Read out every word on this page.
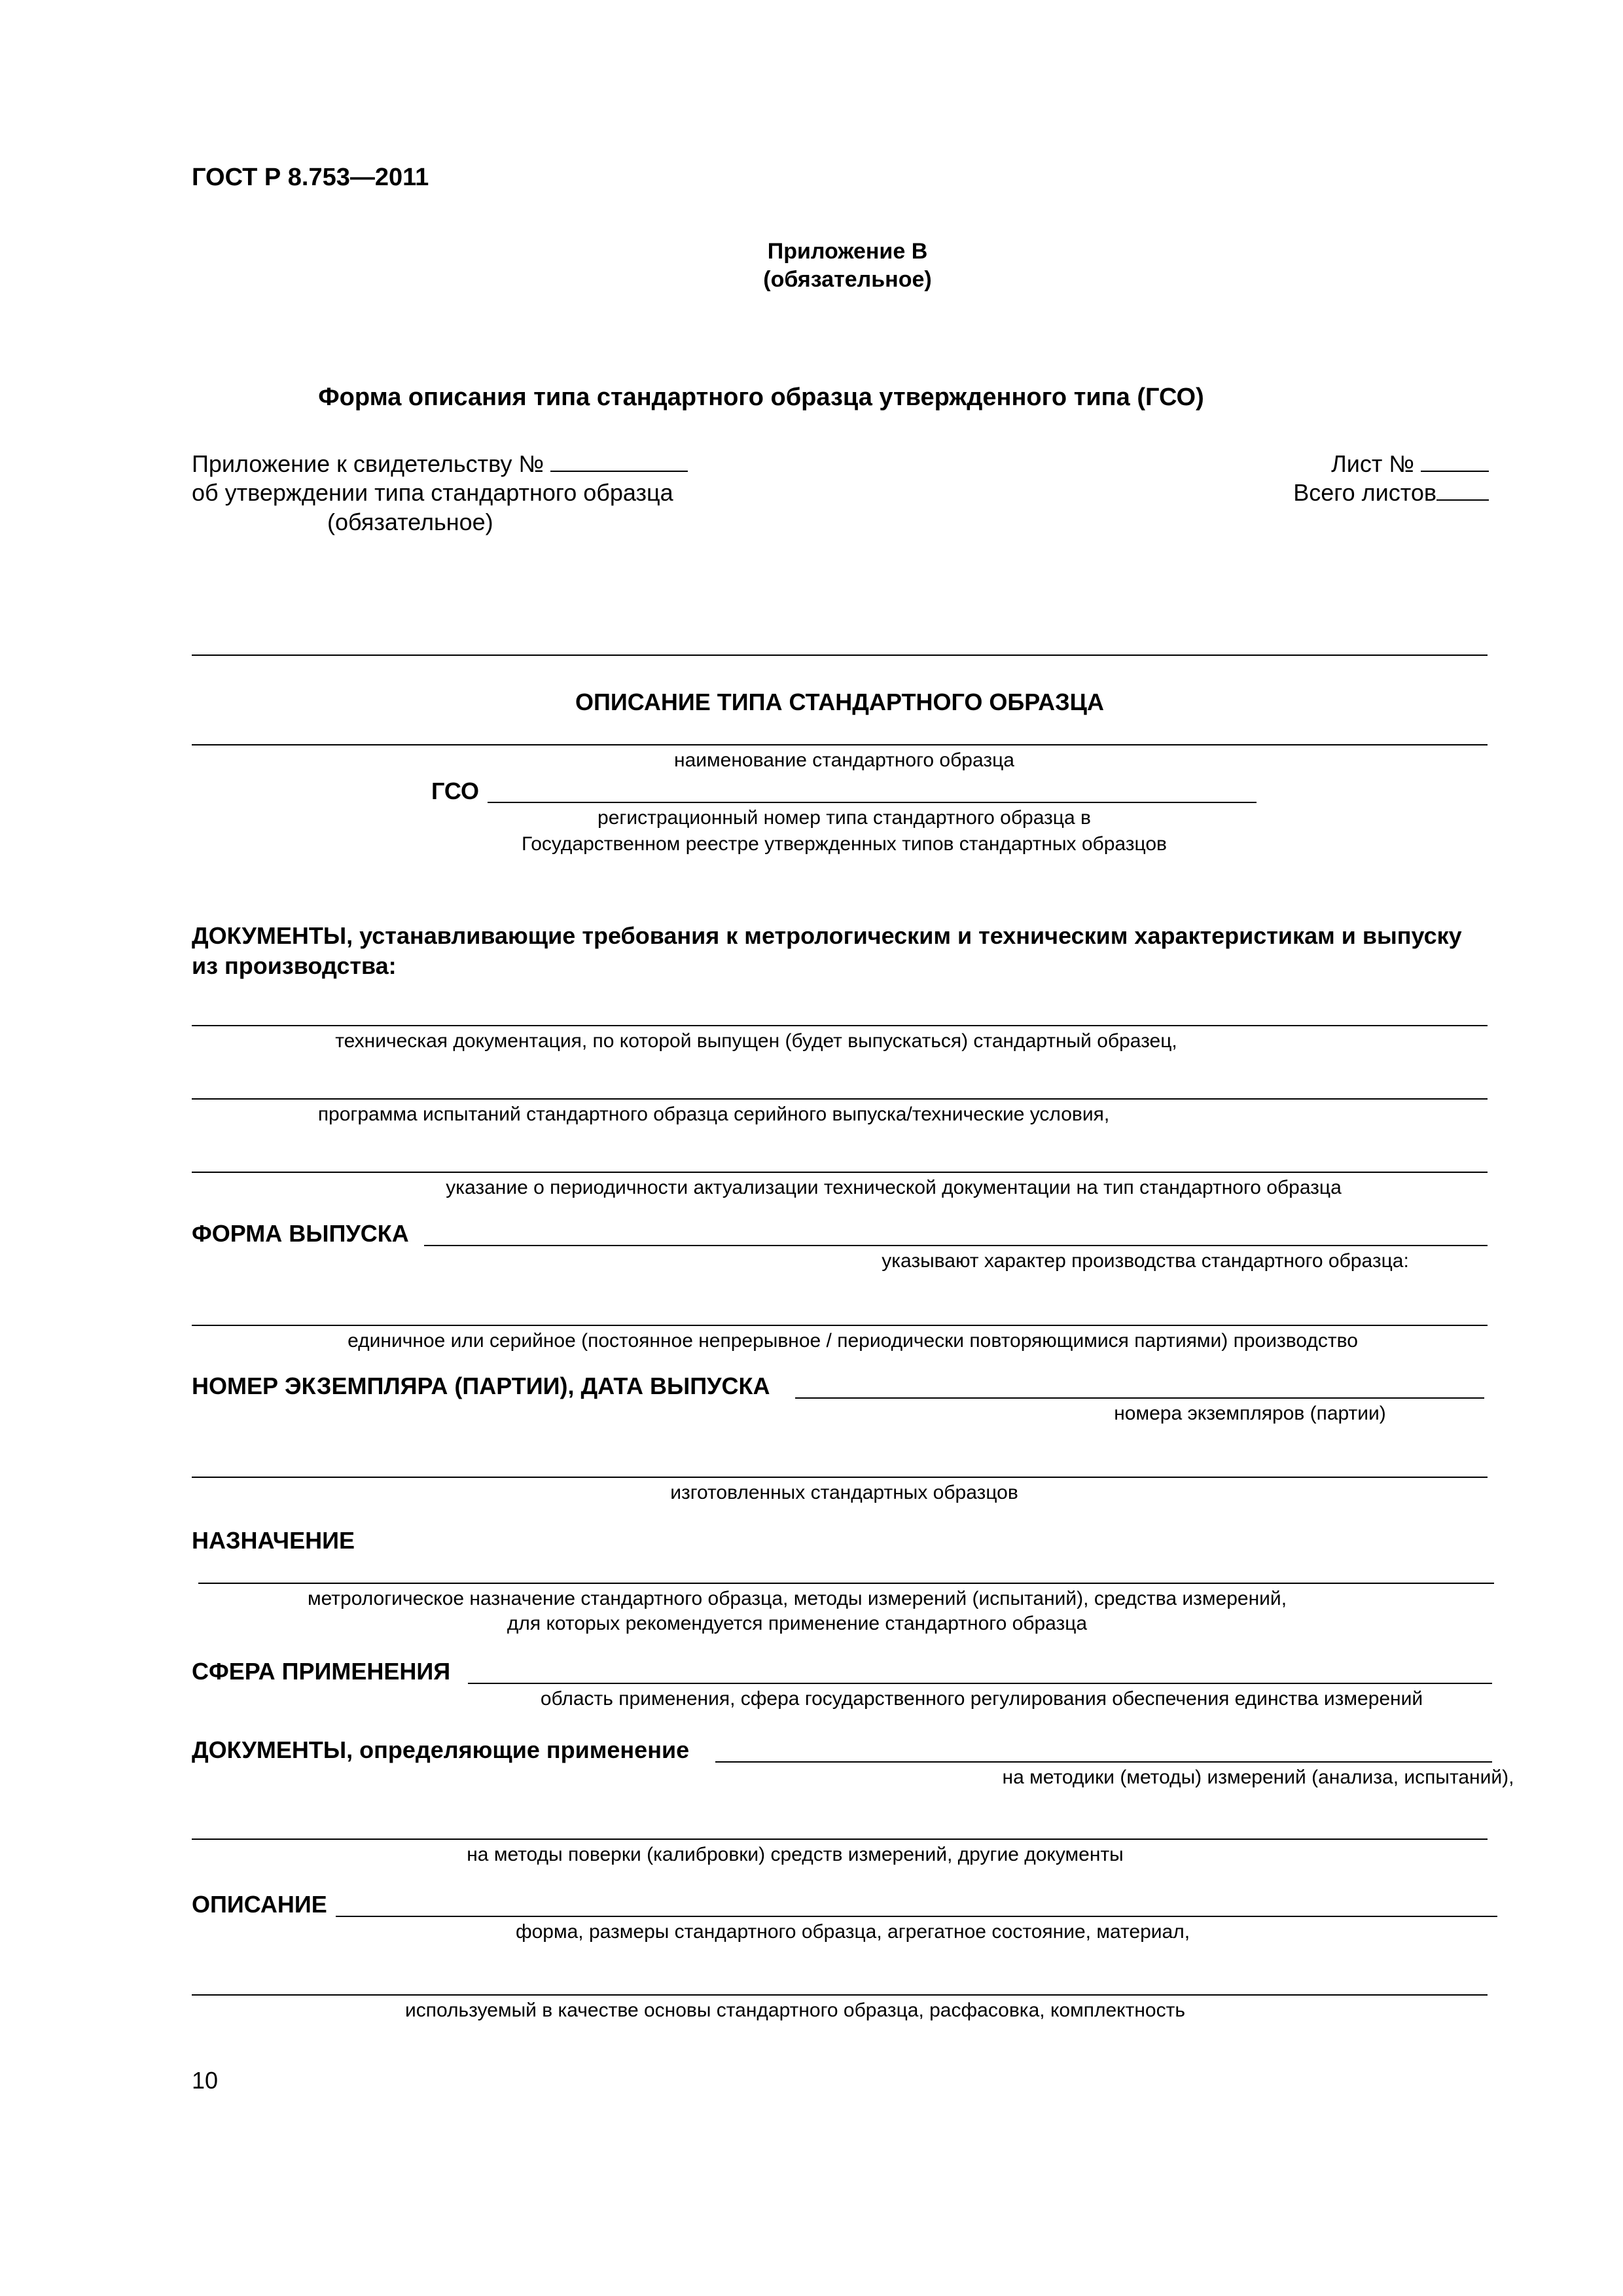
ГОСТ Р 8.753—2011
Приложение В
(обязательное)
Форма описания типа стандартного образца утвержденного типа (ГСО)
Приложение к свидетельству №
об утверждении типа стандартного образца
(обязательное)
Лист №
Всего листов
ОПИСАНИЕ ТИПА СТАНДАРТНОГО ОБРАЗЦА
наименование стандартного образца
ГСО
регистрационный номер типа стандартного образца в
Государственном реестре утвержденных типов стандартных образцов
ДОКУМЕНТЫ, устанавливающие требования к метрологическим и техническим характеристикам и выпуску
из производства:
техническая документация, по которой выпущен (будет выпускаться) стандартный образец,
программа испытаний стандартного образца серийного выпуска/технические условия,
указание о периодичности актуализации технической документации на тип стандартного образца
ФОРМА ВЫПУСКА
указывают характер производства стандартного образца:
единичное или серийное (постоянное непрерывное / периодически повторяющимися партиями) производство
НОМЕР ЭКЗЕМПЛЯРА (ПАРТИИ), ДАТА ВЫПУСКА
номера экземпляров (партии)
изготовленных стандартных образцов
НАЗНАЧЕНИЕ
метрологическое назначение стандартного образца, методы измерений (испытаний), средства измерений,
для которых рекомендуется применение стандартного образца
СФЕРА ПРИМЕНЕНИЯ
область применения, сфера государственного регулирования обеспечения единства измерений
ДОКУМЕНТЫ, определяющие применение
на методики (методы) измерений (анализа, испытаний),
на методы поверки (калибровки) средств измерений, другие документы
ОПИСАНИЕ
форма, размеры стандартного образца, агрегатное состояние, материал,
используемый в качестве основы стандартного образца, расфасовка, комплектность
10
